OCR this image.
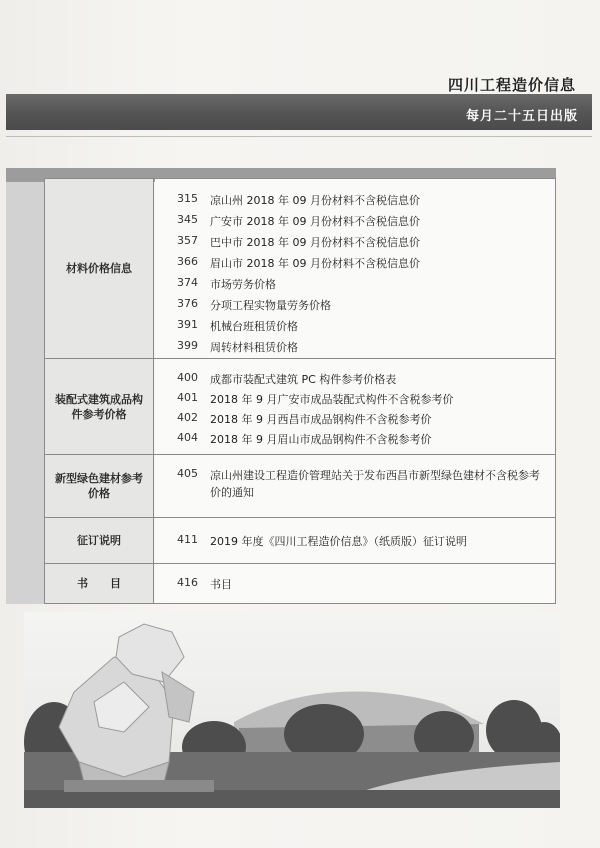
四川工程造价信息
每月二十五日出版
材料价格信息
315 凉山州 2018 年 09 月份材料不含税信息价
345 广安市 2018 年 09 月份材料不含税信息价
357 巴中市 2018 年 09 月份材料不含税信息价
366 眉山市 2018 年 09 月份材料不含税信息价
374 市场劳务价格
376 分项工程实物量劳务价格
391 机械台班租赁价格
399 周转材料租赁价格
装配式建筑成品构件参考价格
400 成都市装配式建筑 PC 构件参考价格表
401 2018 年 9 月广安市成品装配式构件不含税参考价
402 2018 年 9 月西昌市成品钢构件不含税参考价
404 2018 年 9 月眉山市成品钢构件不含税参考价
新型绿色建材参考价格
405 凉山州建设工程造价管理站关于发布西昌市新型绿色建材不含税参考价的通知
征订说明	411 2019 年度《四川工程造价信息》（纸质版）征订说明
书　　目	416 书目
